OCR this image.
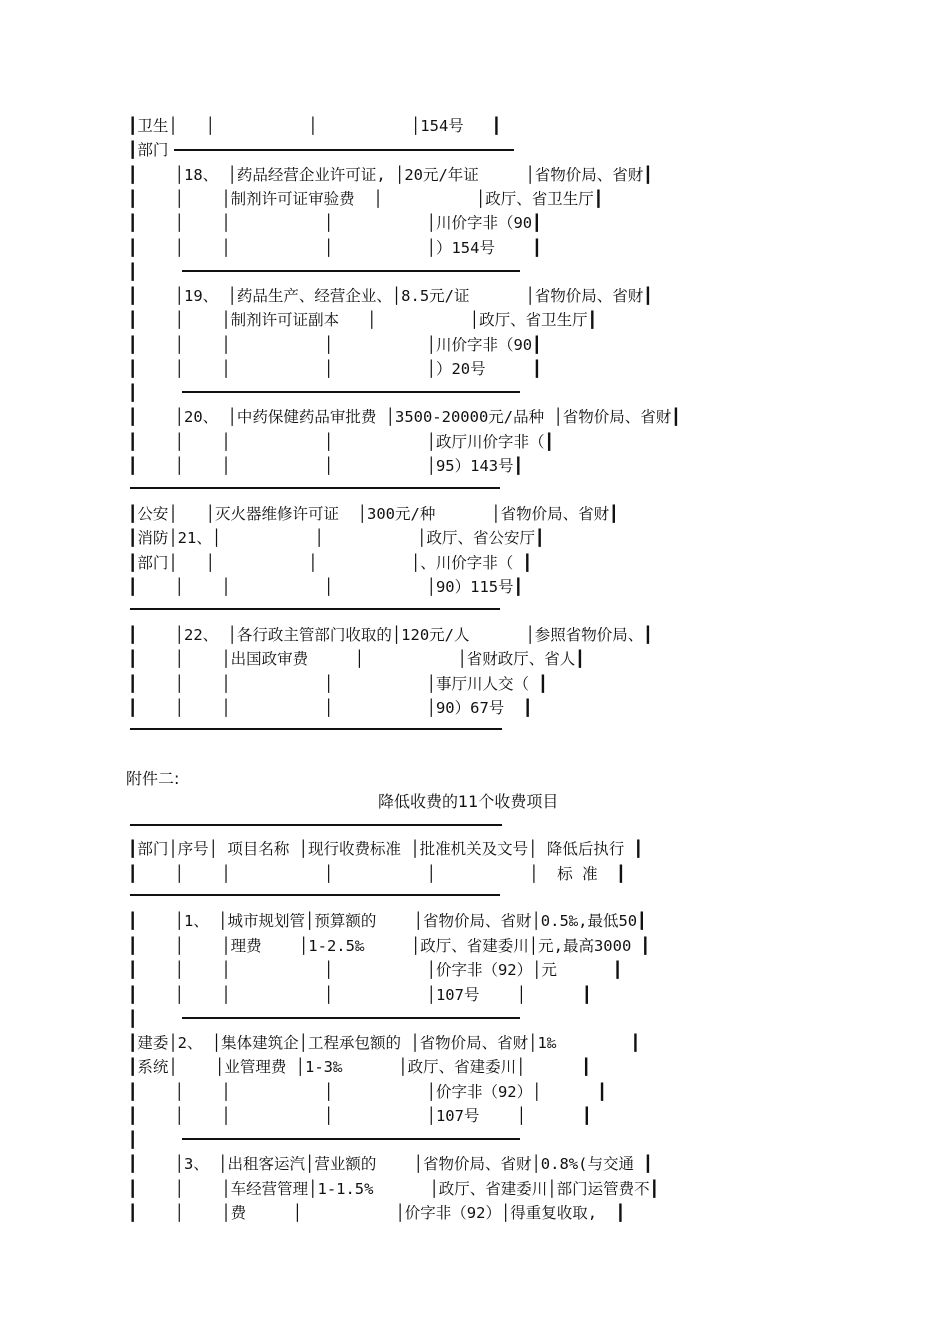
┃卫生│   │          │          │154号   ┃
┃部门
┃    │18、 │药品经营企业许可证, │20元/年证     │省物价局、省财┃
┃    │    │制剂许可证审验费  │          │政厅、省卫生厅┃
┃    │    │          │          │川价字非（90┃
┃    │    │          │          │）154号    ┃
┃
┃    │19、 │药品生产、经营企业、│8.5元/证      │省物价局、省财┃
┃    │    │制剂许可证副本   │          │政厅、省卫生厅┃
┃    │    │          │          │川价字非（90┃
┃    │    │          │          │）20号     ┃
┃
┃    │20、 │中药保健药品审批费 │3500-20000元/品种 │省物价局、省财┃
┃    │    │          │          │政厅川价字非（┃
┃    │    │          │          │95）143号┃
┃公安│   │灭火器维修许可证  │300元/种      │省物价局、省财┃
┃消防│21、│          │          │政厅、省公安厅┃
┃部门│   │          │          │、川价字非（ ┃
┃    │    │          │          │90）115号┃
┃    │22、 │各行政主管部门收取的│120元/人      │参照省物价局、┃
┃    │    │出国政审费     │          │省财政厅、省人┃
┃    │    │          │          │事厅川人交（ ┃
┃    │    │          │          │90）67号  ┃
附件二:
降低收费的11个收费项目
┃部门│序号│ 项目名称 │现行收费标准 │批准机关及文号│ 降低后执行 ┃
┃    │    │          │          │          │  标 准  ┃
┃    │1、 │城市规划管│预算额的    │省物价局、省财│0.5‰,最低50┃
┃    │    │理费    │1-2.5‰     │政厅、省建委川│元,最高3000 ┃
┃    │    │          │          │价字非（92）│元      ┃
┃    │    │          │          │107号    │      ┃
┃
┃建委│2、 │集体建筑企│工程承包额的 │省物价局、省财│1‰        ┃
┃系统│    │业管理费 │1-3‰      │政厅、省建委川│      ┃
┃    │    │          │          │价字非（92）│      ┃
┃    │    │          │          │107号    │      ┃
┃
┃    │3、 │出租客运汽│营业额的    │省物价局、省财│0.8%(与交通 ┃
┃    │    │车经营管理│1-1.5%      │政厅、省建委川│部门运管费不┃
┃    │    │费     │          │价字非（92）│得重复收取,  ┃
